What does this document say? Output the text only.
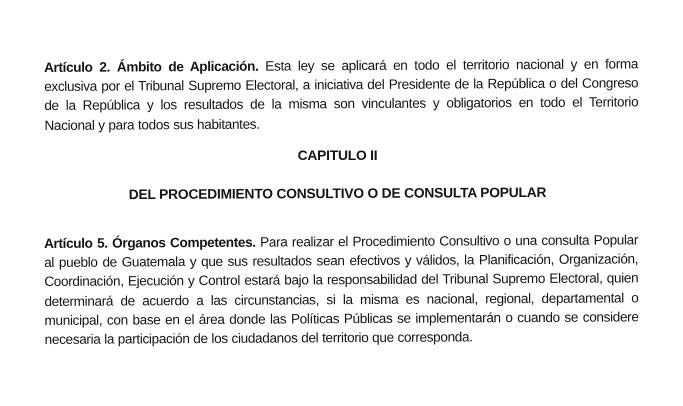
Artículo 2. Ámbito de Aplicación. Esta ley se aplicará en todo el territorio nacional y en forma exclusiva por el Tribunal Supremo Electoral, a iniciativa del Presidente de la República o del Congreso de la República y los resultados de la misma son vinculantes y obligatorios en todo el Territorio Nacional y para todos sus habitantes.

CAPITULO II
DEL PROCEDIMIENTO CONSULTIVO O DE CONSULTA POPULAR

Artículo 5. Órganos Competentes. Para realizar el Procedimiento Consultivo o una consulta Popular al pueblo de Guatemala y que sus resultados sean efectivos y válidos, la Planificación, Organización, Coordinación, Ejecución y Control estará bajo la responsabilidad del Tribunal Supremo Electoral, quien determinará de acuerdo a las circunstancias, si la misma es nacional, regional, departamental o municipal, con base en el área donde las Políticas Públicas se implementarán o cuando se considere necesaria la participación de los ciudadanos del territorio que corresponda.
